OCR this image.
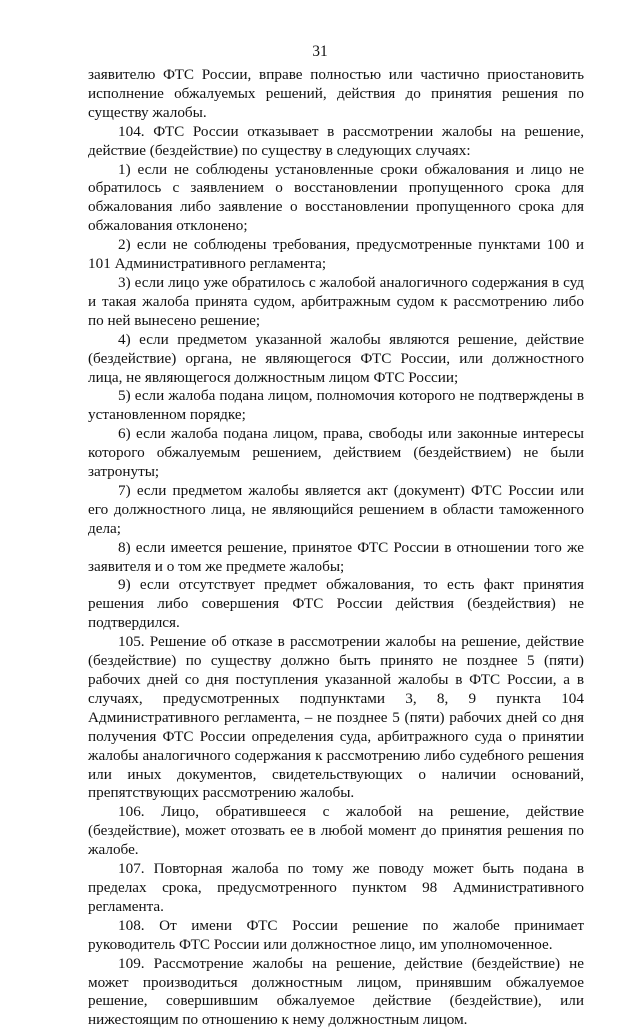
31

заявителю ФТС России, вправе полностью или частично приостановить исполнение обжалуемых решений, действия до принятия решения по существу жалобы.

104. ФТС России отказывает в рассмотрении жалобы на решение, действие (бездействие) по существу в следующих случаях:

1) если не соблюдены установленные сроки обжалования и лицо не обратилось с заявлением о восстановлении пропущенного срока для обжалования либо заявление о восстановлении пропущенного срока для обжалования отклонено;

2) если не соблюдены требования, предусмотренные пунктами 100 и 101 Административного регламента;

3) если лицо уже обратилось с жалобой аналогичного содержания в суд и такая жалоба принята судом, арбитражным судом к рассмотрению либо по ней вынесено решение;

4) если предметом указанной жалобы являются решение, действие (бездействие) органа, не являющегося ФТС России, или должностного лица, не являющегося должностным лицом ФТС России;

5) если жалоба подана лицом, полномочия которого не подтверждены в установленном порядке;

6) если жалоба подана лицом, права, свободы или законные интересы которого обжалуемым решением, действием (бездействием) не были затронуты;

7) если предметом жалобы является акт (документ) ФТС России или его должностного лица, не являющийся решением в области таможенного дела;

8) если имеется решение, принятое ФТС России в отношении того же заявителя и о том же предмете жалобы;

9) если отсутствует предмет обжалования, то есть факт принятия решения либо совершения ФТС России действия (бездействия) не подтвердился.

105. Решение об отказе в рассмотрении жалобы на решение, действие (бездействие) по существу должно быть принято не позднее 5 (пяти) рабочих дней со дня поступления указанной жалобы в ФТС России, а в случаях, предусмотренных подпунктами 3, 8, 9 пункта 104 Административного регламента, – не позднее 5 (пяти) рабочих дней со дня получения ФТС России определения суда, арбитражного суда о принятии жалобы аналогичного содержания к рассмотрению либо судебного решения или иных документов, свидетельствующих о наличии оснований, препятствующих рассмотрению жалобы.

106. Лицо, обратившееся с жалобой на решение, действие (бездействие), может отозвать ее в любой момент до принятия решения по жалобе.

107. Повторная жалоба по тому же поводу может быть подана в пределах срока, предусмотренного пунктом 98 Административного регламента.

108. От имени ФТС России решение по жалобе принимает руководитель ФТС России или должностное лицо, им уполномоченное.

109. Рассмотрение жалобы на решение, действие (бездействие) не может производиться должностным лицом, принявшим обжалуемое решение, совершившим обжалуемое действие (бездействие), или нижестоящим по отношению к нему должностным лицом.
